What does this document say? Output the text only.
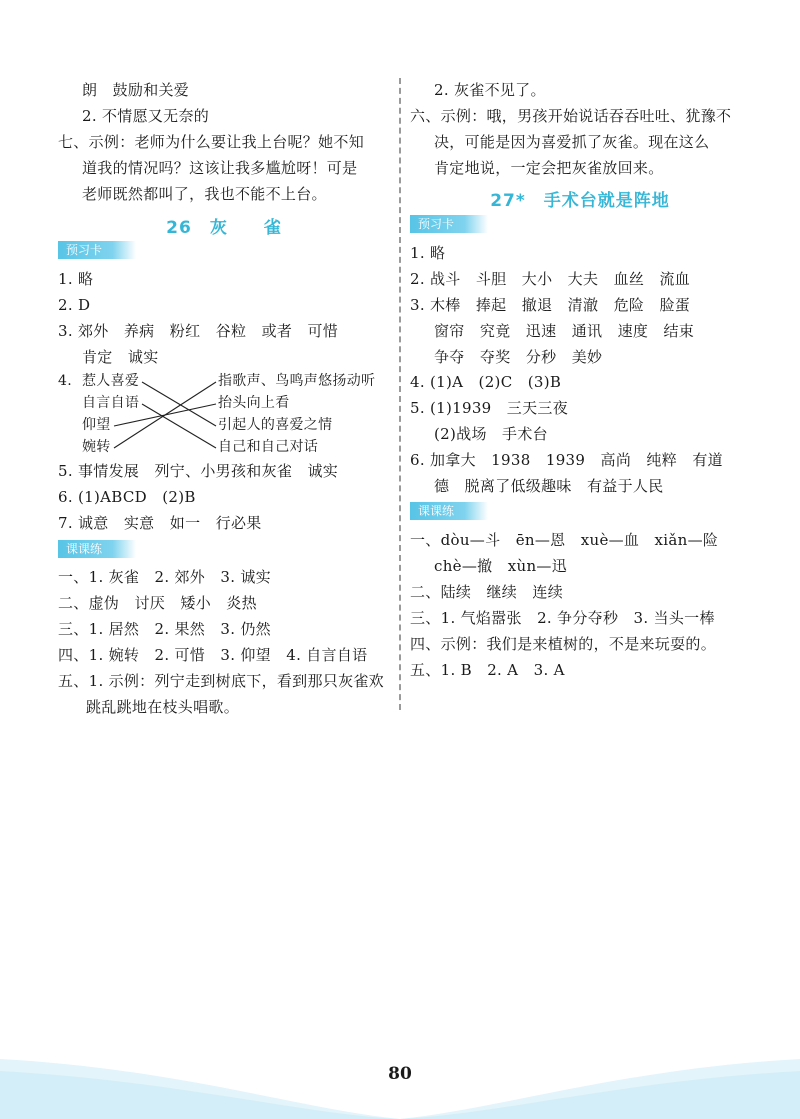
朗　鼓励和关爱
2. 不情愿又无奈的
七、示例：老师为什么要让我上台呢？她不知
道我的情况吗？这该让我多尴尬呀！可是
老师既然都叫了，我也不能不上台。
26　灰　　雀
预习卡
1. 略
2. D
3. 郊外　养病　粉红　谷粒　或者　可惜
肯定　诚实
4. 惹人喜爱
自言自语
仰望
婉转
指歌声、鸟鸣声悠扬动听
抬头向上看
引起人的喜爱之情
自己和自己对话
5. 事情发展　列宁、小男孩和灰雀　诚实
6. (1)ABCD　(2)B
7. 诚意　实意　如一　行必果
课课练
一、1. 灰雀　2. 郊外　3. 诚实
二、虚伪　讨厌　矮小　炎热
三、1. 居然　2. 果然　3. 仍然
四、1. 婉转　2. 可惜　3. 仰望　4. 自言自语
五、1. 示例：列宁走到树底下，看到那只灰雀欢
跳乱跳地在枝头唱歌。
2. 灰雀不见了。
六、示例：哦，男孩开始说话吞吞吐吐、犹豫不
决，可能是因为喜爱抓了灰雀。现在这么
肯定地说，一定会把灰雀放回来。
27*　手术台就是阵地
预习卡
1. 略
2. 战斗　斗胆　大小　大夫　血丝　流血
3. 木棒　捧起　撤退　清澈　危险　脸蛋
窗帘　究竟　迅速　通讯　速度　结束
争夺　夺奖　分秒　美妙
4. (1)A　(2)C　(3)B
5. (1)1939　三天三夜
(2)战场　手术台
6. 加拿大　1938　1939　高尚　纯粹　有道
德　脱离了低级趣味　有益于人民
课课练
一、dòu—斗　ēn—恩　xuè—血　xiǎn—险
chè—撤　xùn—迅
二、陆续　继续　连续
三、1. 气焰嚣张　2. 争分夺秒　3. 当头一棒
四、示例：我们是来植树的，不是来玩耍的。
五、1. B　2. A　3. A
80
